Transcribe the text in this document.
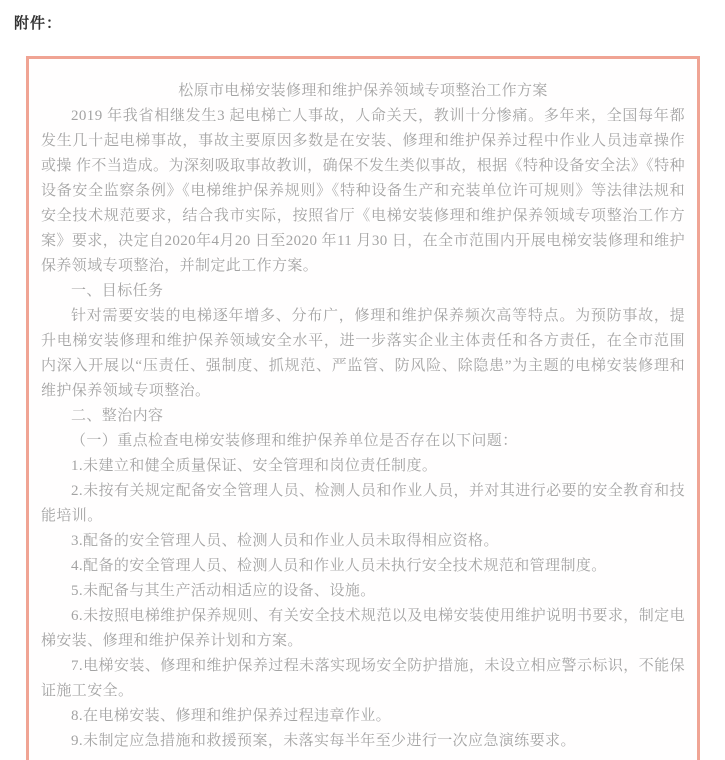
附件：
松原市电梯安装修理和维护保养领域专项整治工作方案

2019 年我省相继发生3 起电梯亡人事故，人命关天，教训十分惨痛。多年来，全国每年都发生几十起电梯事故，事故主要原因多数是在安装、修理和维护保养过程中作业人员违章操作或操 作不当造成。为深刻吸取事故教训，确保不发生类似事故，根据《特种设备安全法》《特种设备安全监察条例》《电梯维护保养规则》《特种设备生产和充装单位许可规则》等法律法规和安全技术规范要求，结合我市实际，按照省厅《电梯安装修理和维护保养领域专项整治工作方案》要求，决定自2020年4月20 日至2020 年11 月30 日，在全市范围内开展电梯安装修理和维护保养领域专项整治，并制定此工作方案。

一、目标任务

针对需要安装的电梯逐年增多、分布广，修理和维护保养频次高等特点。为预防事故，提升电梯安装修理和维护保养领域安全水平，进一步落实企业主体责任和各方责任，在全市范围内深入开展以“压责任、强制度、抓规范、严监管、防风险、除隐患”为主题的电梯安装修理和维护保养领域专项整治。

二、整治内容

（一）重点检查电梯安装修理和维护保养单位是否存在以下问题：

1.未建立和健全质量保证、安全管理和岗位责任制度。

2.未按有关规定配备安全管理人员、检测人员和作业人员，并对其进行必要的安全教育和技能培训。

3.配备的安全管理人员、检测人员和作业人员未取得相应资格。

4.配备的安全管理人员、检测人员和作业人员未执行安全技术规范和管理制度。

5.未配备与其生产活动相适应的设备、设施。

6.未按照电梯维护保养规则、有关安全技术规范以及电梯安装使用维护说明书要求，制定电梯安装、修理和维护保养计划和方案。

7.电梯安装、修理和维护保养过程未落实现场安全防护措施，未设立相应警示标识，不能保证施工安全。

8.在电梯安装、修理和维护保养过程违章作业。

9.未制定应急措施和救援预案，未落实每半年至少进行一次应急演练要求。
